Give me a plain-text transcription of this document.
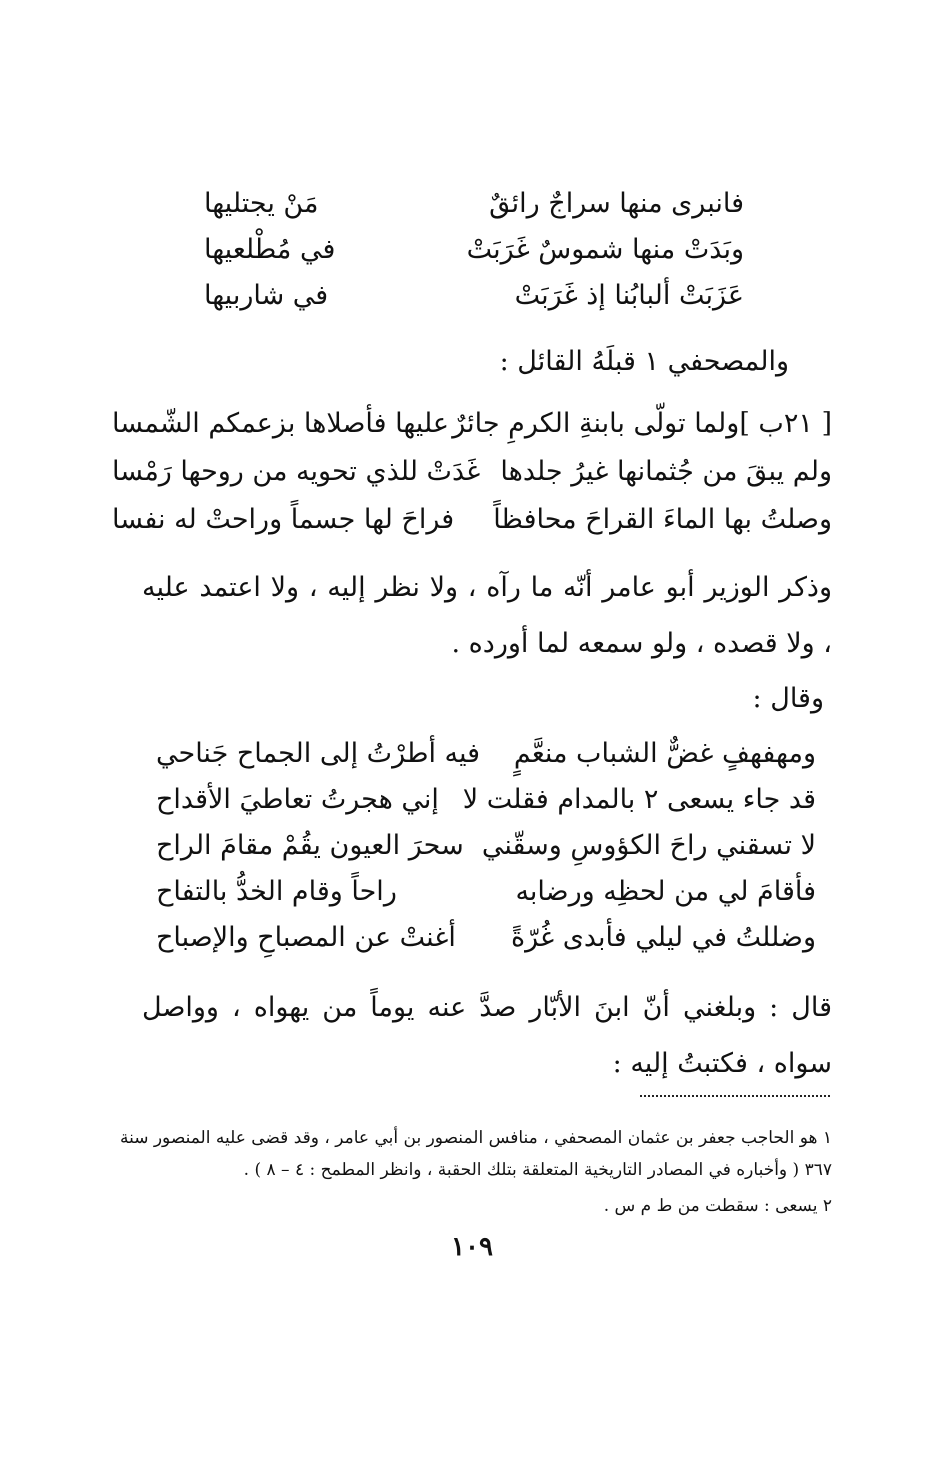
فانبرى منها سراجٌ رائقٌ
مَنْ يجتليها
وبَدَتْ منها شموسٌ غَرَبَتْ
في مُطْلعيها
عَزَبَتْ ألبابُنا إذ غَرَبَتْ
في شاربيها
والمصحفي ١ قبلَهُ القائل :
[ ٢١ب ]ولما تولّى بابنةِ الكرمِ جائرٌ
عليها فأصلاها بزعمكم الشّمسا
ولم يبقَ من جُثمانها غيرُ جلدها
غَدَتْ للذي تحويه من روحها رَمْسا
وصلتُ بها الماءَ القراحَ محافظاً
فراحَ لها جسماً وراحتْ له نفسا
وذكر الوزير أبو عامر أنّه ما رآه ، ولا نظر إليه ، ولا اعتمد عليه ، ولا قصده ، ولو سمعه لما أورده .
وقال :
ومهفهفٍ غضٌّ الشباب منعَّمٍ
فيه أطرْتُ إلى الجماح جَناحي
قد جاء يسعى ٢ بالمدام فقلت لا
إني هجرتُ تعاطيَ الأقداح
لا تسقني راحَ الكؤوسِ وسقّني
سحرَ العيون يقُمْ مقامَ الراح
فأقامَ لي من لحظِه ورضابه
راحاً وقام الخدُّ بالتفاح
وضللتُ في ليلي فأبدى غُرّةً
أغنتْ عن المصباحِ والإصباح
قال : وبلغني أنّ ابنَ الأبّار صدَّ عنه يوماً من يهواه ، وواصل سواه ، فكتبتُ إليه :
١ هو الحاجب جعفر بن عثمان المصحفي ، منافس المنصور بن أبي عامر ، وقد قضى عليه المنصور سنة ٣٦٧ ( وأخباره في المصادر التاريخية المتعلقة بتلك الحقبة ، وانظر المطمح : ٤ – ٨ ) .
٢ يسعى : سقطت من ط م س .
١٠٩
